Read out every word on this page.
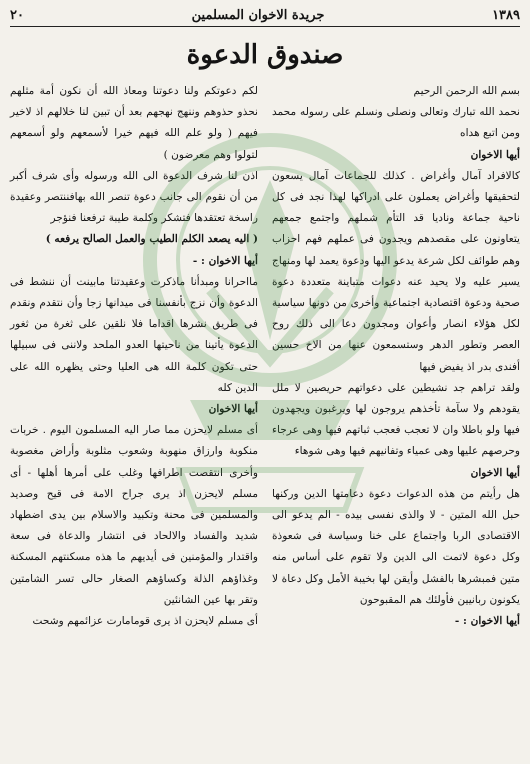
١٣٨٩
جريدة الاخوان المسلمين
٢٠
صندوق الدعوة

بسم الله الرحمن الرحيم

نحمد الله تبارك وتعالى ونصلى ونسلم على رسوله محمد ومن اتبع هداه

أيها الاخوان

كالافراد آمال وأغراض . كذلك للجماعات آمال يسعون لتحقيقها وأغراض يعملون على ادراكها لهذا نجد فى كل ناحية جماعة وناديا قد التأم شملهم واجتمع جمعهم يتعاونون على مقصدهم ويجدون فى عملهم فهم احزاب وهم طوائف لكل شرعة يدعو اليها ودعوة يعمد لها ومنهاج يسير عليه ولا يحيد عنه دعوات متباينة متعددة دعوة صحية ودعوة اقتصادية اجتماعية وأخرى من دونها سياسية لكل هؤلاء انصار وأعوان ومجدون دعا الى ذلك روح العصر وتطور الدهر وستسمعون عنها من الاخ حسين أفندى بدر اذ يفيض فيها

ولقد تراهم جد نشيطين على دعواتهم حريصين لا ملل يقودهم ولا سآمة تأخذهم يروجون لها ويرغبون ويجهدون فيها ولو باطلا وان لا تعجب فعجب ثباتهم فيها وهى عرجاء وحرصهم عليها وهى عمياء وتفانيهم فيها وهى شوهاء

أيها الاخوان

هل رأيتم من هذه الدعوات دعوة دعامتها الدين وركنها حبل الله المتين - لا والذى نفسى بيده - الم يدعو الى الاقتصادى الربا واجتماع على خنا وسياسة فى شعوذة وكل دعوة لاتمت الى الدين ولا تقوم على أساس منه متين فمبشرها بالفشل وأيقن لها بخيبة الأمل وكل دعاة لا يكونون ربانيين فأولئك هم المقبوحون

أيها الاخوان : -

لكم دعوتكم ولنا دعوتنا ومعاذ الله أن نكون أمة مثلهم نحذو حذوهم وننهج نهجهم بعد أن تبين لنا خلالهم اذ لاخير فيهم ( ولو علم الله فيهم خيرا لأسمعهم ولو أسمعهم لتولوا وهم معرضون )

اذن لنا شرف الدعوة الى الله ورسوله وأى شرف أكبر من أن نقوم الى جانب دعوة تنصر الله بهافننتصر وعقيدة راسخة تعتقدها فتشكر وكلمة طيبة ترفعنا فنؤجر

( اليه يصعد الكلم الطيب والعمل الصالح يرفعه )

أيها الاخوان : -

مااحرانا ومبدأنا ماذكرت وعقيدتنا مابينت أن ننشط فى الدعوة وأن نزج بأنفسنا فى ميدانها زجا وأن نتقدم ونقدم فى طريق نشرها اقداما فلا نلقين على ثغرة من ثغور الدعوة يأتينا من ناحيتها العدو الملحد ولاننى فى سبيلها حتى تكون كلمة الله هى العليا وحتى يظهره الله على الدين كله

أيها الاخوان

أى مسلم لايحزن مما صار اليه المسلمون اليوم . خربات منكوبة وارزاق منهوبة وشعوب مثلوبة وأراض مغصوبة وأخرى انتقصت اطرافها وغلب على أمرها أهلها - أى مسلم لايحزن اذ يرى جراح الامة فى قيح وصديد والمسلمين فى محنة وتكبيد والاسلام بين يدى اضطهاد شديد والفساد والالحاد فى انتشار والدعاة فى سعة واقتدار والمؤمنين فى أيديهم ما هذه مسكنتهم المسكنة وغذاؤهم الذلة وكساؤهم الصغار حالى تسر الشامتين وتقر بها عين الشانئين

أى مسلم لايحزن اذ يرى قومامارت عزائمهم وشحت
